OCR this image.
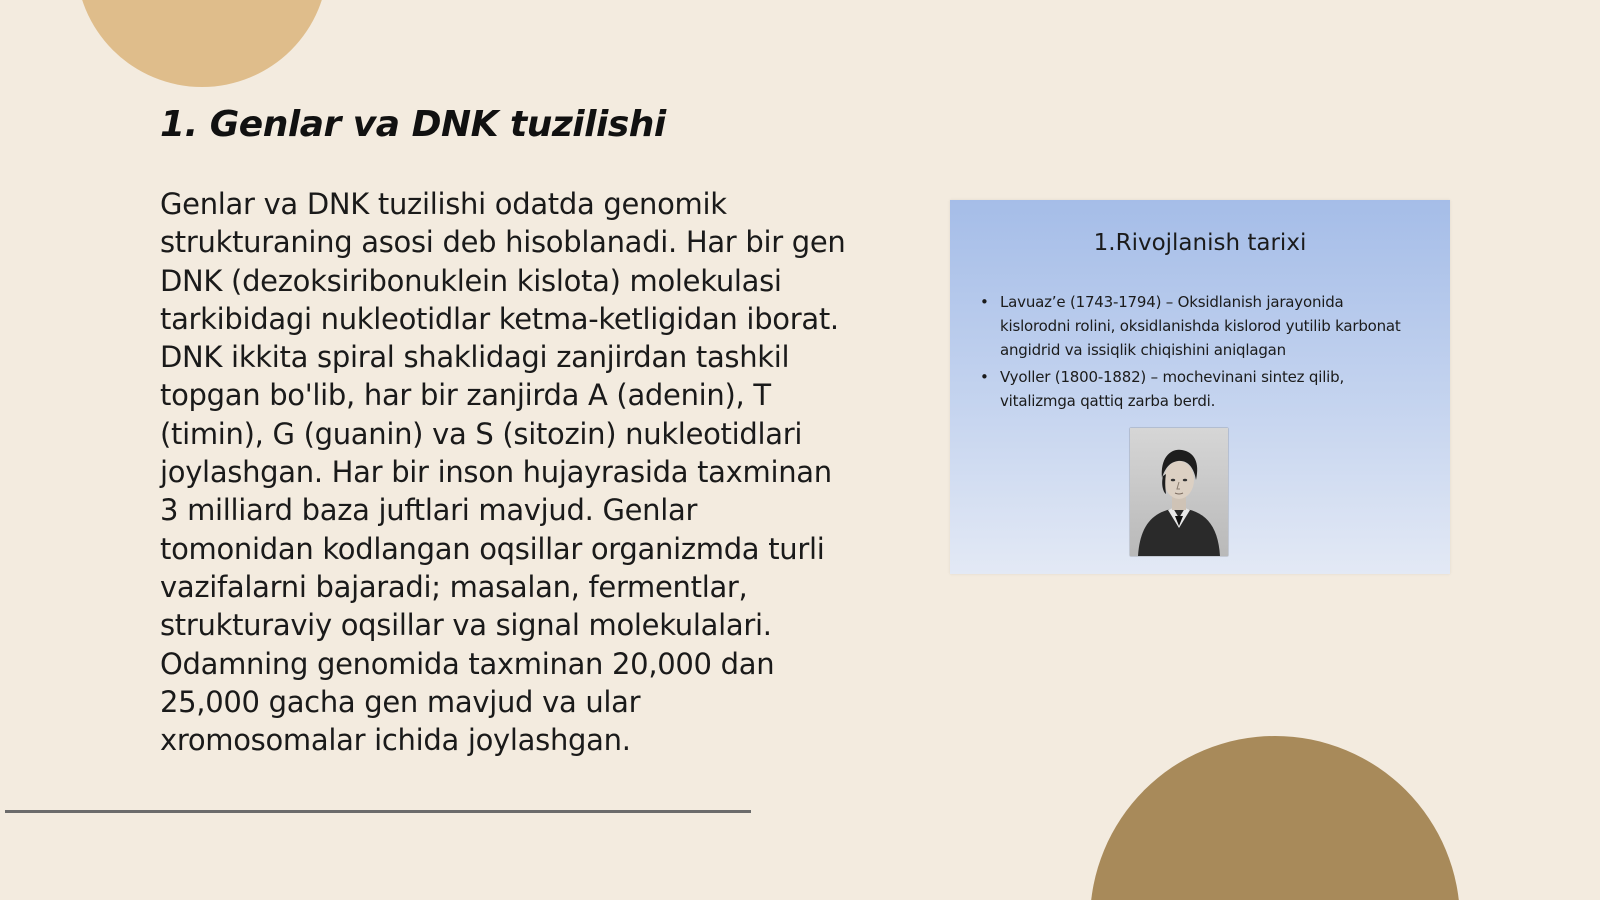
1. Genlar va DNK tuzilishi

Genlar va DNK tuzilishi odatda genomik strukturaning asosi deb hisoblanadi. Har bir gen DNK (dezoksiribonuklein kislota) molekulasi tarkibidagi nukleotidlar ketma-ketligidan iborat. DNK ikkita spiral shaklidagi zanjirdan tashkil topgan bo'lib, har bir zanjirda A (adenin), T (timin), G (guanin) va S (sitozin) nukleotidlari joylashgan. Har bir inson hujayrasida taxminan 3 milliard baza juftlari mavjud. Genlar tomonidan kodlangan oqsillar organizmda turli vazifalarni bajaradi; masalan, fermentlar, strukturaviy oqsillar va signal molekulalari. Odamning genomida taxminan 20,000 dan 25,000 gacha gen mavjud va ular xromosomalar ichida joylashgan.

1.Rivojlanish tarixi
• Lavuaz’e (1743-1794) – Oksidlanish jarayonida kislorodni rolini, oksidlanishda kislorod yutilib karbonat angidrid va issiqlik chiqishini aniqlagan
• Vyoller (1800-1882) – mochevinani sintez qilib, vitalizmga qattiq zarba berdi.
